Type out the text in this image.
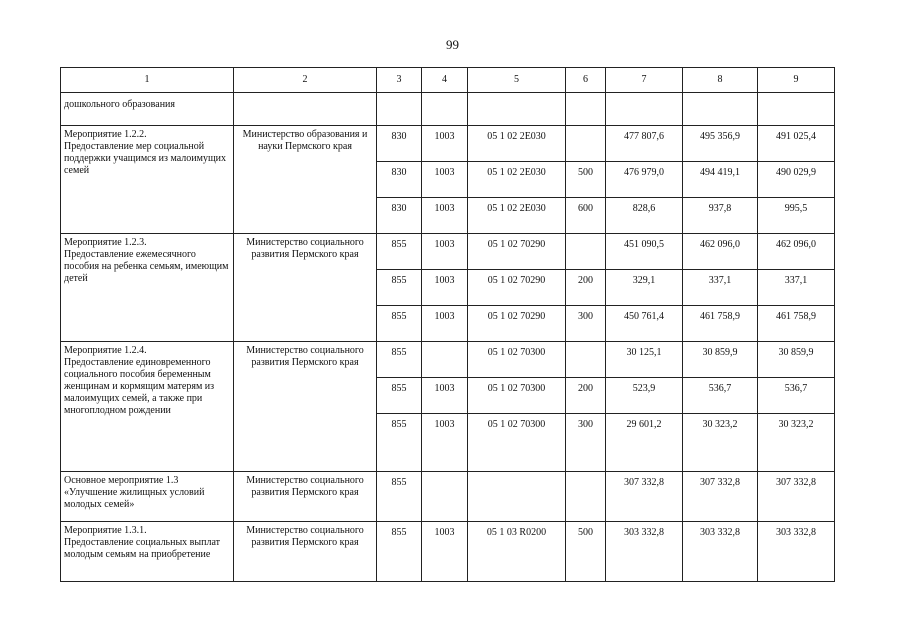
99
1	2	3	4	5	6	7	8	9
дошкольного образования								
Мероприятие 1.2.2.
Предоставление мер социальной поддержки учащимся из малоимущих семей	Министерство образования и науки Пермского края	830	1003	05 1 02 2Е030		477 807,6	495 356,9	491 025,4
		830	1003	05 1 02 2Е030	500	476 979,0	494 419,1	490 029,9
		830	1003	05 1 02 2Е030	600	828,6	937,8	995,5
Мероприятие 1.2.3.
Предоставление ежемесячного пособия на ребенка семьям, имеющим детей	Министерство социального развития Пермского края	855	1003	05 1 02 70290		451 090,5	462 096,0	462 096,0
		855	1003	05 1 02 70290	200	329,1	337,1	337,1
		855	1003	05 1 02 70290	300	450 761,4	461 758,9	461 758,9
Мероприятие 1.2.4.
Предоставление единовременного социального пособия беременным женщинам и кормящим матерям из малоимущих семей, а также при многоплодном рождении	Министерство социального развития Пермского края	855		05 1 02 70300		30 125,1	30 859,9	30 859,9
		855	1003	05 1 02 70300	200	523,9	536,7	536,7
		855	1003	05 1 02 70300	300	29 601,2	30 323,2	30 323,2
Основное мероприятие 1.3
«Улучшение жилищных условий молодых семей»	Министерство социального развития Пермского края	855				307 332,8	307 332,8	307 332,8
Мероприятие 1.3.1.
Предоставление социальных выплат молодым семьям на приобретение	Министерство социального развития Пермского края	855	1003	05 1 03 R0200	500	303 332,8	303 332,8	303 332,8
